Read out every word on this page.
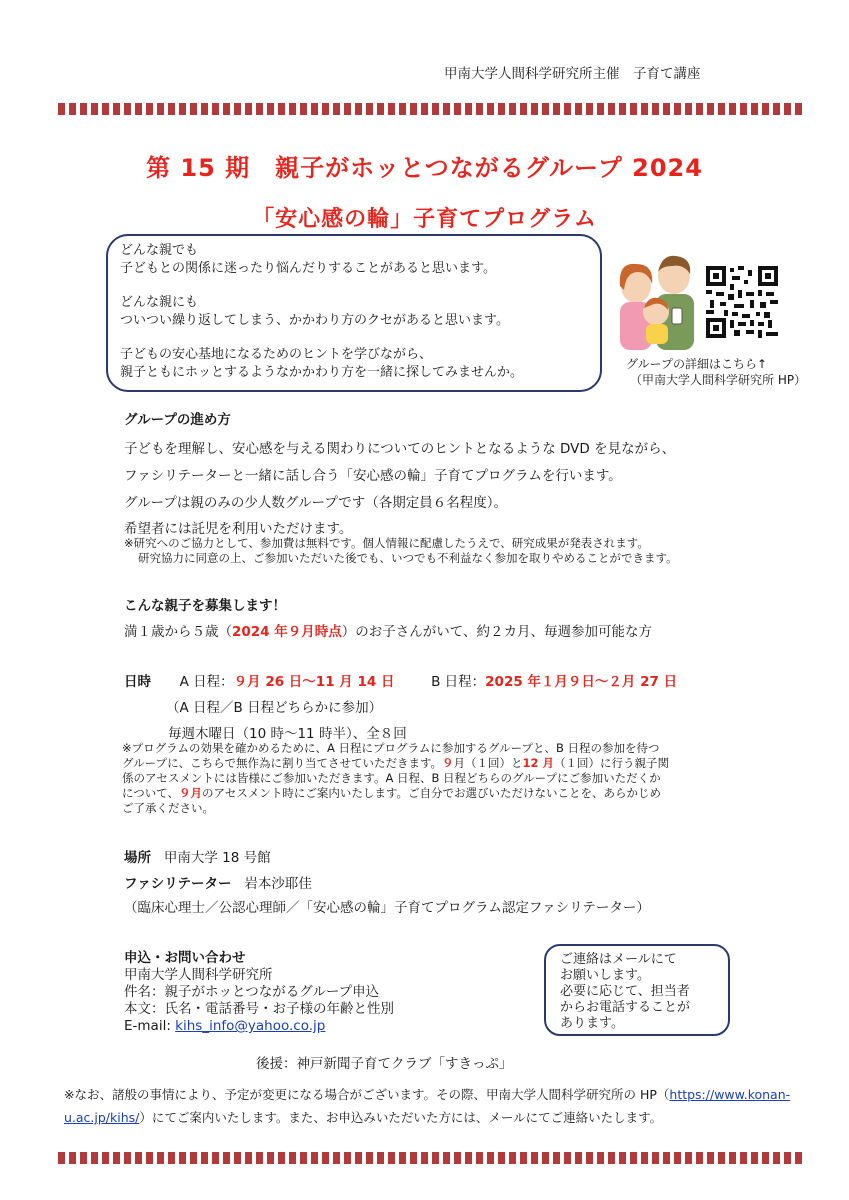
甲南大学人間科学研究所主催　子育て講座
第 15 期　親子がホッとつながるグループ 2024
「安心感の輪」子育てプログラム

どんな親でも
子どもとの関係に迷ったり悩んだりすることがあると思います。

どんな親にも
ついつい繰り返してしまう、かかわり方のクセがあると思います。

子どもの安心基地になるためのヒントを学びながら、
親子ともにホッとするようなかかわり方を一緒に探してみませんか。

グループの詳細はこちら↑
（甲南大学人間科学研究所 HP）
グループの進め方
子どもを理解し、安心感を与える関わりについてのヒントとなるような DVD を見ながら、
ファシリテーターと一緒に話し合う「安心感の輪」子育てプログラムを行います。
グループは親のみの少人数グループです（各期定員６名程度）。
希望者には託児を利用いただけます。
※研究へのご協力として、参加費は無料です。個人情報に配慮したうえで、研究成果が発表されます。
研究協力に同意の上、ご参加いただいた後でも、いつでも不利益なく参加を取りやめることができます。
こんな親子を募集します！
満１歳から５歳（2024 年９月時点）のお子さんがいて、約２カ月、毎週参加可能な方
日時 A 日程：９月 26 日～11 月 14 日	B 日程：2025 年１月９日～２月 27 日
（A 日程／B 日程どちらかに参加）
毎週木曜日（10 時～11 時半）、全８回
※プログラムの効果を確かめるために、A 日程にプログラムに参加するグループと、B 日程の参加を待つ
グループに、こちらで無作為に割り当てさせていただきます。９月（１回）と12 月（１回）に行う親子関
係のアセスメントには皆様にご参加いただきます。A 日程、B 日程どちらのグループにご参加いただくか
について、９月のアセスメント時にご案内いたします。ご自分でお選びいただけないことを、あらかじめ
ご了承ください。
場所 甲南大学 18 号館
ファシリテーター 岩本沙耶佳
（臨床心理士／公認心理師／「安心感の輪」子育てプログラム認定ファシリテーター）
申込・お問い合わせ
甲南大学人間科学研究所
件名：親子がホッとつながるグループ申込
本文：氏名・電話番号・お子様の年齢と性別
E-mail: kihs_info@yahoo.co.jp
ご連絡はメールにて
お願いします。
必要に応じて、担当者
からお電話することが
あります。
後援：神戸新聞子育てクラブ「すきっぷ」
※なお、諸般の事情により、予定が変更になる場合がございます。その際、甲南大学人間科学研究所の HP（https://www.konan-
u.ac.jp/kihs/）にてご案内いたします。また、お申込みいただいた方には、メールにてご連絡いたします。
